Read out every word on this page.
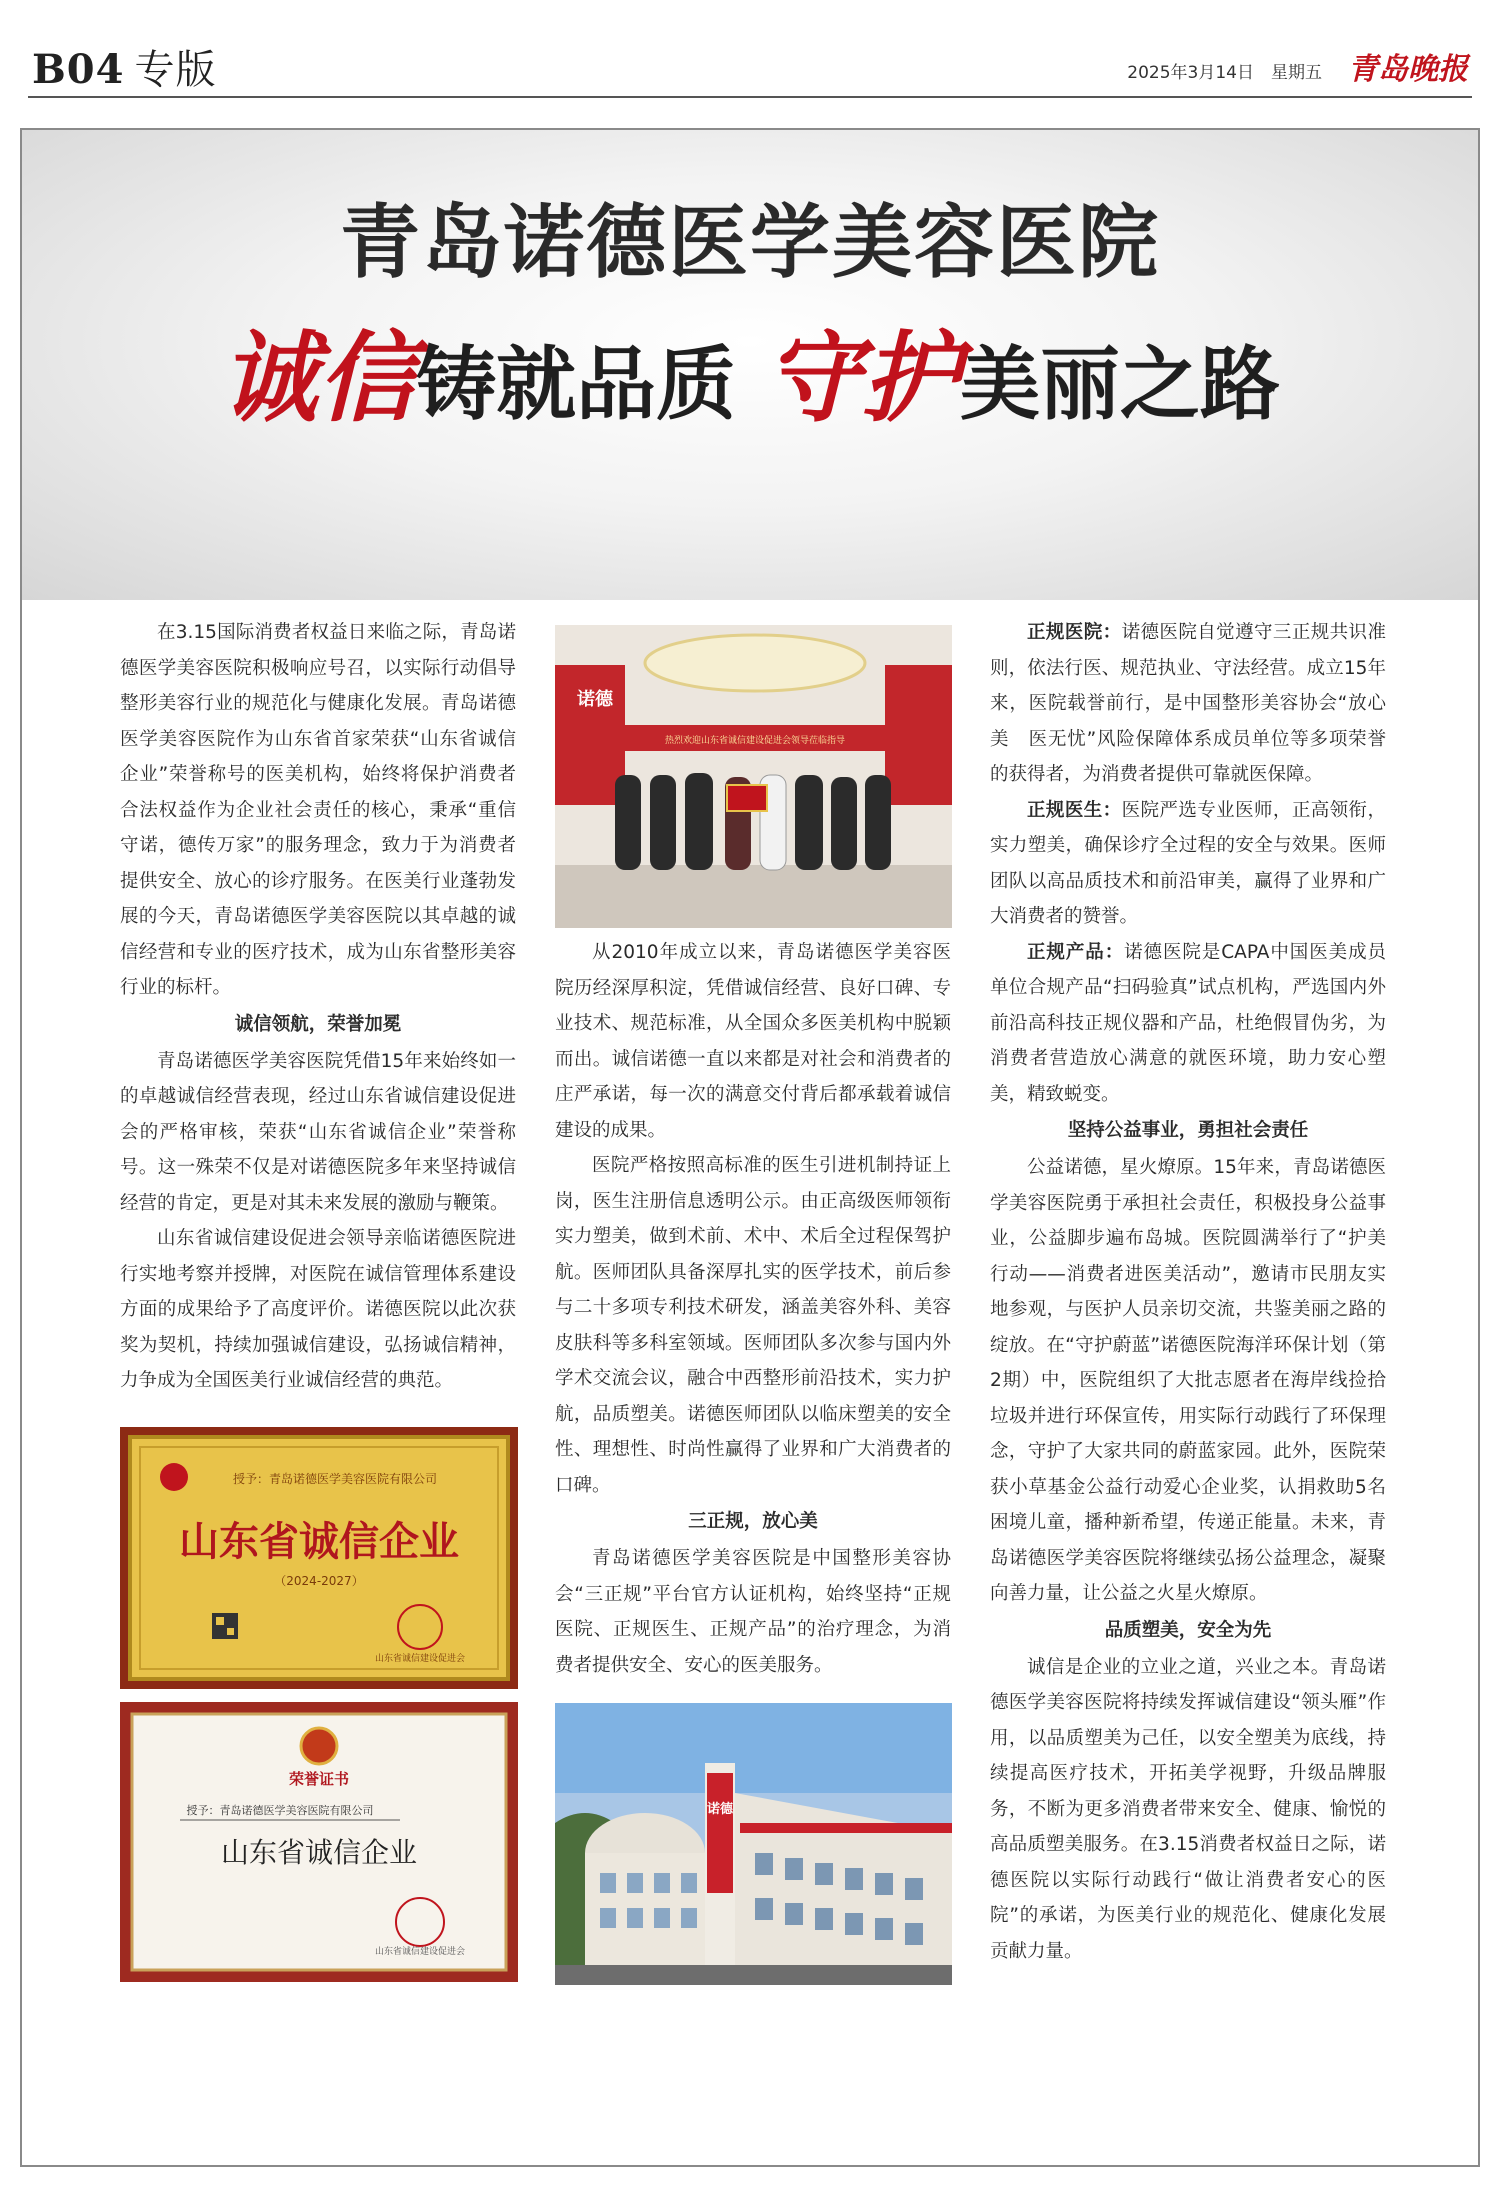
B04 专版	2025年3月14日　星期五 青岛晚报
青岛诺德医学美容医院
诚信铸就品质 守护美丽之路

在3.15国际消费者权益日来临之际，青岛诺德医学美容医院积极响应号召，以实际行动倡导整形美容行业的规范化与健康化发展。青岛诺德医学美容医院作为山东省首家荣获“山东省诚信企业”荣誉称号的医美机构，始终将保护消费者合法权益作为企业社会责任的核心，秉承“重信守诺，德传万家”的服务理念，致力于为消费者提供安全、放心的诊疗服务。在医美行业蓬勃发展的今天，青岛诺德医学美容医院以其卓越的诚信经营和专业的医疗技术，成为山东省整形美容行业的标杆。

诚信领航，荣誉加冕

青岛诺德医学美容医院凭借15年来始终如一的卓越诚信经营表现，经过山东省诚信建设促进会的严格审核，荣获“山东省诚信企业”荣誉称号。这一殊荣不仅是对诺德医院多年来坚持诚信经营的肯定，更是对其未来发展的激励与鞭策。

山东省诚信建设促进会领导亲临诺德医院进行实地考察并授牌，对医院在诚信管理体系建设方面的成果给予了高度评价。诺德医院以此次获奖为契机，持续加强诚信建设，弘扬诚信精神，力争成为全国医美行业诚信经营的典范。

授予：青岛诺德医学美容医院有限公司
山东省诚信企业
（2024-2027）
山东省诚信建设促进会
荣誉证书
授予：青岛诺德医学美容医院有限公司
山东省诚信企业
山东省诚信建设促进会
热烈欢迎山东省诚信建设促进会领导莅临指导
诺德

从2010年成立以来，青岛诺德医学美容医院历经深厚积淀，凭借诚信经营、良好口碑、专业技术、规范标准，从全国众多医美机构中脱颖而出。诚信诺德一直以来都是对社会和消费者的庄严承诺，每一次的满意交付背后都承载着诚信建设的成果。

医院严格按照高标准的医生引进机制持证上岗，医生注册信息透明公示。由正高级医师领衔实力塑美，做到术前、术中、术后全过程保驾护航。医师团队具备深厚扎实的医学技术，前后参与二十多项专利技术研发，涵盖美容外科、美容皮肤科等多科室领域。医师团队多次参与国内外学术交流会议，融合中西整形前沿技术，实力护航，品质塑美。诺德医师团队以临床塑美的安全性、理想性、时尚性赢得了业界和广大消费者的口碑。

三正规，放心美

青岛诺德医学美容医院是中国整形美容协会“三正规”平台官方认证机构，始终坚持“正规医院、正规医生、正规产品”的治疗理念，为消费者提供安全、安心的医美服务。

诺德

正规医院：诺德医院自觉遵守三正规共识准则，依法行医、规范执业、守法经营。成立15年来，医院载誉前行，是中国整形美容协会“放心美　医无忧”风险保障体系成员单位等多项荣誉的获得者，为消费者提供可靠就医保障。

正规医生：医院严选专业医师，正高领衔，实力塑美，确保诊疗全过程的安全与效果。医师团队以高品质技术和前沿审美，赢得了业界和广大消费者的赞誉。

正规产品：诺德医院是CAPA中国医美成员单位合规产品“扫码验真”试点机构，严选国内外前沿高科技正规仪器和产品，杜绝假冒伪劣，为消费者营造放心满意的就医环境，助力安心塑美，精致蜕变。

坚持公益事业，勇担社会责任

公益诺德，星火燎原。15年来，青岛诺德医学美容医院勇于承担社会责任，积极投身公益事业，公益脚步遍布岛城。医院圆满举行了“护美行动——消费者进医美活动”，邀请市民朋友实地参观，与医护人员亲切交流，共鉴美丽之路的绽放。在“守护蔚蓝”诺德医院海洋环保计划（第2期）中，医院组织了大批志愿者在海岸线捡拾垃圾并进行环保宣传，用实际行动践行了环保理念，守护了大家共同的蔚蓝家园。此外，医院荣获小草基金公益行动爱心企业奖，认捐救助5名困境儿童，播种新希望，传递正能量。未来，青岛诺德医学美容医院将继续弘扬公益理念，凝聚向善力量，让公益之火星火燎原。

品质塑美，安全为先

诚信是企业的立业之道，兴业之本。青岛诺德医学美容医院将持续发挥诚信建设“领头雁”作用，以品质塑美为己任，以安全塑美为底线，持续提高医疗技术，开拓美学视野，升级品牌服务，不断为更多消费者带来安全、健康、愉悦的高品质塑美服务。在3.15消费者权益日之际，诺德医院以实际行动践行“做让消费者安心的医院”的承诺，为医美行业的规范化、健康化发展贡献力量。
